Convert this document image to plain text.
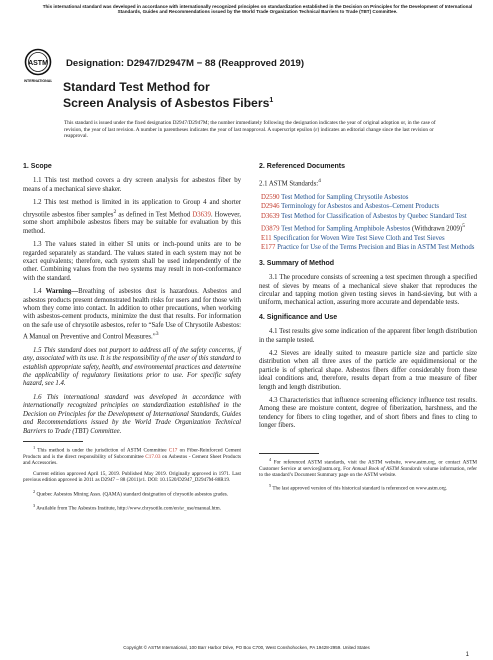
This international standard was developed in accordance with internationally recognized principles on standardization established in the Decision on Principles for the Development of International Standards, Guides and Recommendations issued by the World Trade Organization Technical Barriers to Trade (TBT) Committee.
ASTM
INTERNATIONAL
Designation: D2947/D2947M − 88 (Reapproved 2019)
Standard Test Method for
Screen Analysis of Asbestos Fibers$^1$
This standard is issued under the fixed designation D2947/D2947M; the number immediately following the designation indicates the year of original adoption or, in the case of revision, the year of last revision. A number in parentheses indicates the year of last reapproval. A superscript epsilon (ε) indicates an editorial change since the last revision or reapproval.
1. Scope

1.1 This test method covers a dry screen analysis for asbestos fiber by means of a mechanical sieve shaker.

1.2 This test method is limited in its application to Group 4 and shorter chrysotile asbestos fiber samples$^2$ as defined in Test Method D3639. However, some short amphibole asbestos fibers may be suitable for evaluation by this method.

1.3 The values stated in either SI units or inch-pound units are to be regarded separately as standard. The values stated in each system may not be exact equivalents; therefore, each system shall be used independently of the other. Combining values from the two systems may result in non-conformance with the standard.

1.4 Warning—Breathing of asbestos dust is hazardous. Asbestos and asbestos products present demonstrated health risks for users and for those with whom they come into contact. In addition to other precautions, when working with asbestos-cement products, minimize the dust that results. For information on the safe use of chrysotile asbestos, refer to “Safe Use of Chrysotile Asbestos: A Manual on Preventive and Control Measures.”$^3$

1.5 This standard does not purport to address all of the safety concerns, if any, associated with its use. It is the responsibility of the user of this standard to establish appropriate safety, health, and environmental practices and determine the applicability of regulatory limitations prior to use. For specific safety hazard, see 1.4.

1.6 This international standard was developed in accordance with internationally recognized principles on standardization established in the Decision on Principles for the Development of International Standards, Guides and Recommendations issued by the World Trade Organization Technical Barriers to Trade (TBT) Committee.

$^1$ This method is under the jurisdiction of ASTM Committee C17 on Fiber-Reinforced Cement Products and is the direct responsibility of Subcommittee C17.03 on Asbestos - Cement Sheet Products and Accessories.

Current edition approved April 15, 2019. Published May 2019. Originally approved in 1971. Last previous edition approved in 2011 as D2947 – 88 (2011)ε1. DOI: 10.1520/D2947_D2947M-88R19.

$^2$ Quebec Asbestos Mining Assn. (QAMA) standard designation of chrysotile asbestos grades.

$^3$ Available from The Asbestos Institute, http://www.chrysotile.com/en/sr_use/manual.htm.

2. Referenced Documents

2.1 ASTM Standards:$^4$

D2590 Test Method for Sampling Chrysotile Asbestos
D2946 Terminology for Asbestos and Asbestos–Cement Products
D3639 Test Method for Classification of Asbestos by Quebec Standard Test
D3879 Test Method for Sampling Amphibole Asbestos (Withdrawn 2009)$^5$
E11 Specification for Woven Wire Test Sieve Cloth and Test Sieves
E177 Practice for Use of the Terms Precision and Bias in ASTM Test Methods
3. Summary of Method

3.1 The procedure consists of screening a test specimen through a specified nest of sieves by means of a mechanical sieve shaker that reproduces the circular and tapping motion given testing sieves in hand-sieving, but with a uniform, mechanical action, assuring more accurate and dependable tests.

4. Significance and Use

4.1 Test results give some indication of the apparent fiber length distribution in the sample tested.

4.2 Sieves are ideally suited to measure particle size and particle size distribution when all three axes of the particle are equidimensional or the particle is of spherical shape. Asbestos fibers differ considerably from these ideal conditions and, therefore, results depart from a true measure of fiber length and length distribution.

4.3 Characteristics that influence screening efficiency influence test results. Among these are moisture content, degree of fiberization, harshness, and the tendency for fibers to cling together, and of short fibers and fines to cling to longer fibers.

$^4$ For referenced ASTM standards, visit the ASTM website, www.astm.org, or contact ASTM Customer Service at service@astm.org. For Annual Book of ASTM Standards volume information, refer to the standard’s Document Summary page on the ASTM website.

$^5$ The last approved version of this historical standard is referenced on www.astm.org.

Copyright © ASTM International, 100 Barr Harbor Drive, PO Box C700, West Conshohocken, PA 19428-2959. United States
1
